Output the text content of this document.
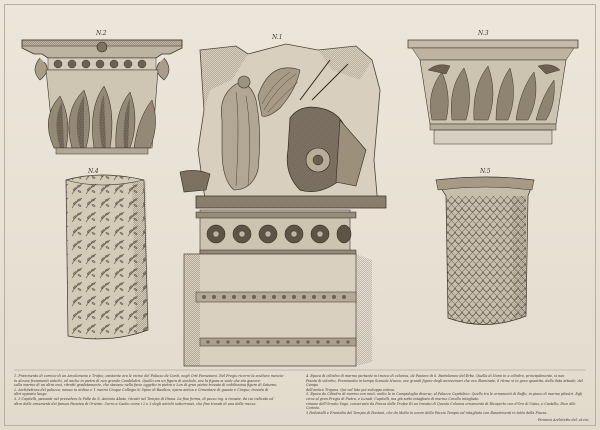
N.1
N.2	N.3
N.4	N.5
1. Frammento di cornice di un Arcolomano e Trofeo, esistente ora le vicine del Palazzo de Conti, negli Orti Farnesiani. Nel Fregio ricorre la scultura menzio-
in alcune frammenti antichi, ed anche in pietra di non grande Candelabri. Quello era un figura di simbolo, ove la figura si vede che sta giacere-
sulla marmo di un altro essi, ritratti gradatamente, che stavano nella facie oggetto in pietra e Lon di gran pietra trovato di nobilissima figure di Saturno.
2. Architettura del palazzo, messo in ordine e 1 marmi Cinque Collegio le Spine di Basilica, opera antica e Cimentare di guasto e Cinque, trovata di
altri opposto luogo.
3. 5 Capitelli, passanti nel prevedere le Palle de S. Antonio Abate, trovati nel Tempio di Diana. La fine forma, di pezzo ing. a trovate, da cui indicato ed
altro delle ornamenti dei famosi Panatea di Oriente. Corre a Caelio come i 2 e 3 degli antichi sotterranei, che fino trovati di una della mezza.
4. Epoca di cilindro di marmo portante in tronco di colonna, de Pastore di S. Bartolomeo del Erbe, Quella di Nomi in a cilindro, principalmente, si non
Pianta di cilindro, Frammento in tempo Sceuola Nuovo, ove grandi figure degli anniversari che ora illuminate, il ritrae vi in gran quantita, della data attuale, del Campo
dell'antico Trajano. Qui nel lato poi sviluppo estesa.
5. Epoca de Cilindro di marmo con muti, molto le in Campidoglio diverse, al Palazzo Capitolino. Quello tra le ornamenti di Ruffo, in piano di marmo pilastri. Egli
circa al gran Fregio di Pietra, e Lunati, Capitelli, ma già sotto intagliato di marmo Corallo intagliato.
rimane dell'Ornato Vago, conservato da Piazza delle Trofee Ri un trovato di Questa Colonna ornamento di Ricoperto con d'Oro di Caius, e Castello, Dice allo Corinto.
3 Pedestalli e Frontalio del Tempio di Fontani, che da Molto in onore della Faccia Tempio ed intagliato con Basarimenti in tutto della Piazza.
Piranesi Architetto del. et inc.
